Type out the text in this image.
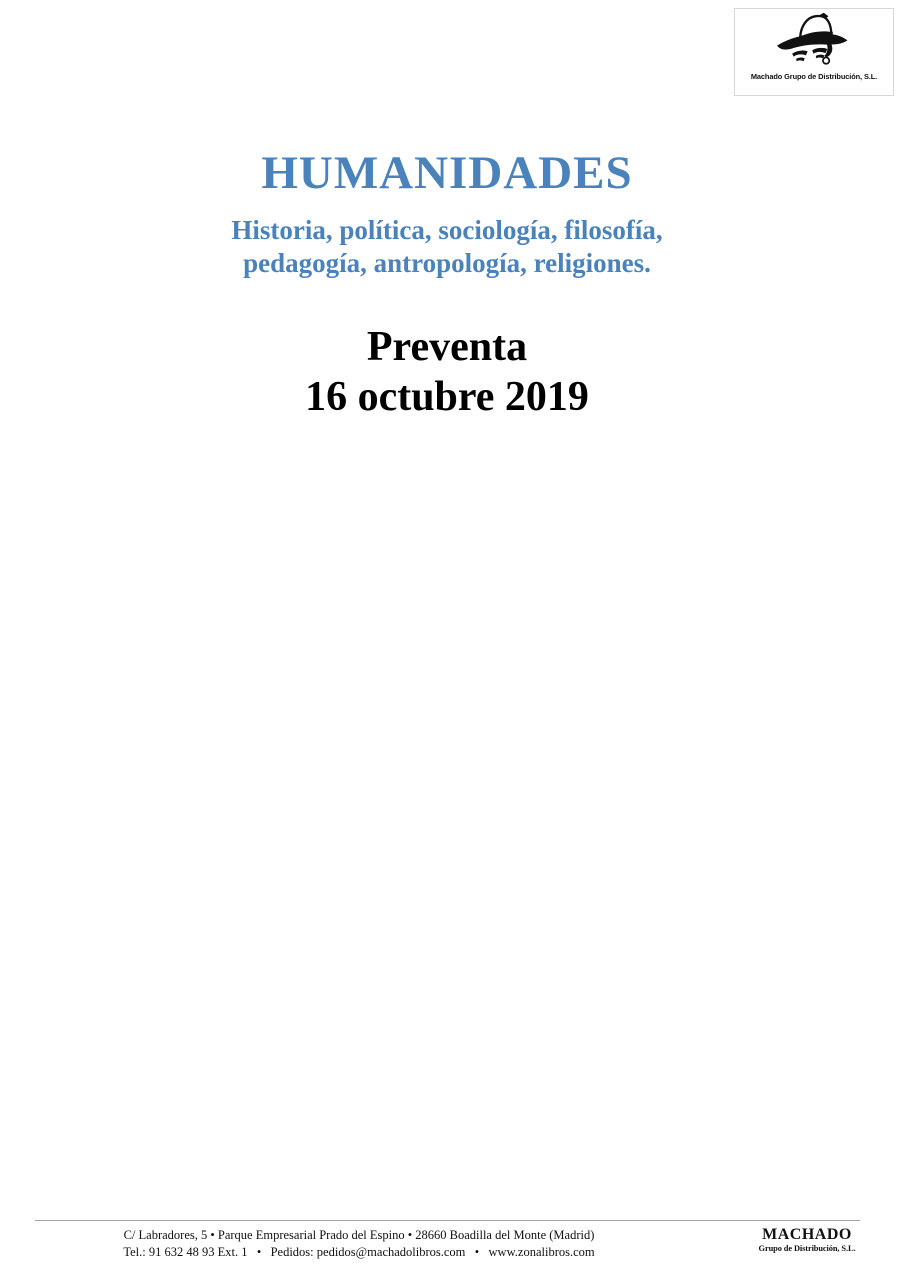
Machado Grupo de Distribución, S.L.
HUMANIDADES
Historia, política, sociología, filosofía,
pedagogía, antropología, religiones.
Preventa
16 octubre 2019
C/ Labradores, 5 • Parque Empresarial Prado del Espino • 28660 Boadilla del Monte (Madrid)
Tel.: 91 632 48 93 Ext. 1   •   Pedidos: pedidos@machadolibros.com   •   www.zonalibros.com
MACHADO
Grupo de Distribución, S.L.
